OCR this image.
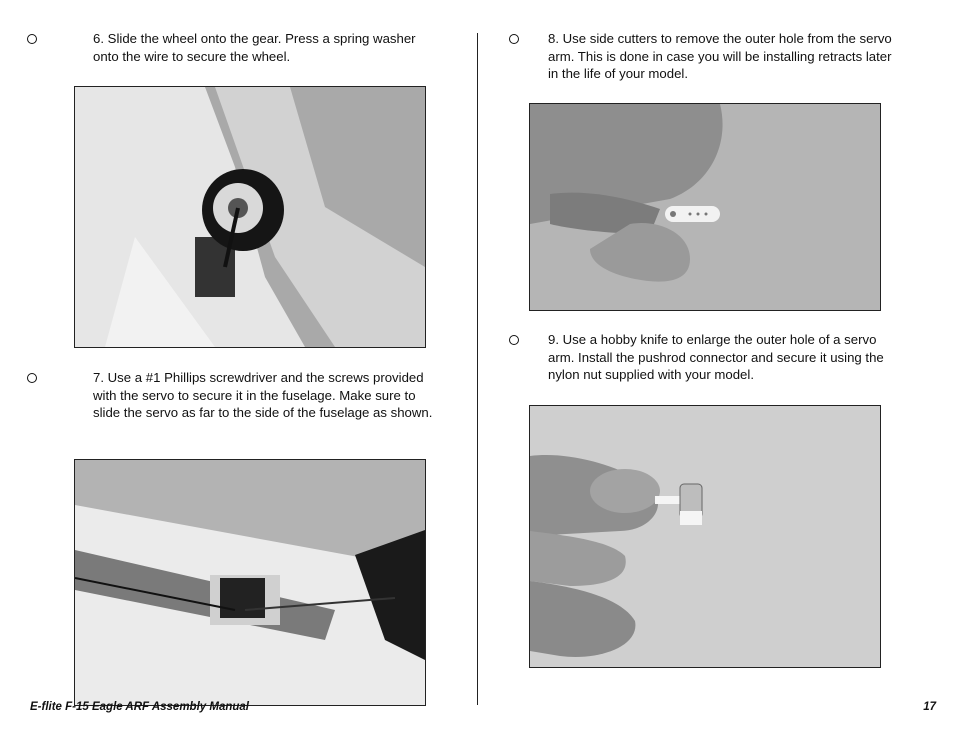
6. Slide the wheel onto the gear. Press a spring washer onto the wire to secure the wheel.
7. Use a #1 Phillips screwdriver and the screws provided with the servo to secure it in the fuselage. Make sure to slide the servo as far to the side of the fuselage as shown.
8. Use side cutters to remove the outer hole from the servo arm. This is done in case you will be installing retracts later in the life of your model.
9. Use a hobby knife to enlarge the outer hole of a servo arm. Install the pushrod connector and secure it using the nylon nut supplied with your model.
E-flite F-15 Eagle ARF Assembly Manual	17
